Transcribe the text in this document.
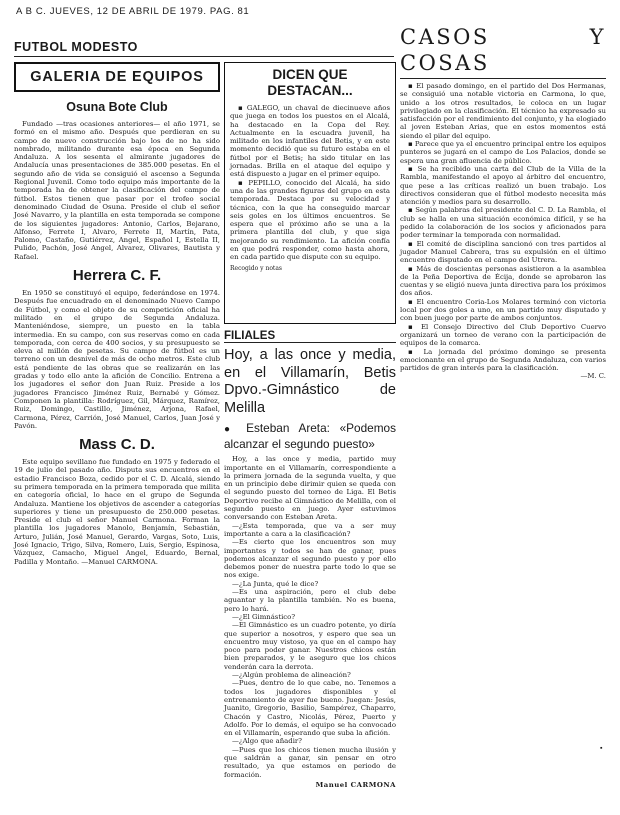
A B C. JUEVES, 12 DE ABRIL DE 1979. PAG. 81
FUTBOL MODESTO
GALERIA DE EQUIPOS
Osuna Bote Club

Fundado —tras ocasiones anteriores— el año 1971, se formó en el mismo año. Después que perdieran en su campo de nuevo construcción bajo los de no ha sido nombrado, militando durante esa época en Segunda Andaluza. A los sesenta el almirante jugadores de Andalucía unas presentaciones de 385.000 pesetas. En el segundo año de vida se consiguió el ascenso a Segunda Regional Juvenil. Como todo equipo más importante de la temporada ha de obtener la clasificación del campo de fútbol. Estos tienen que pasar por el trofeo social denominado Ciudad de Osuna. Preside el club el señor José Navarro, y la plantilla en esta temporada se compone de los siguientes jugadores: Antonio, Carlos, Bejarano, Alfonso, Ferrete I, Alvaro, Ferrete II, Martín, Pata, Palomo, Castaño, Gutiérrez, Angel, Español I, Estella II, Pulido, Pachón, José Angel, Alvarez, Olivares, Bautista y Rafael.

Herrera C. F.

En 1950 se constituyó el equipo, federándose en 1974. Después fue encuadrado en el denominado Nuevo Campo de Fútbol, y como el objeto de su competición oficial ha militado en el grupo de Segunda Andaluza. Manteniéndose, siempre, un puesto en la tabla intermedia. En su campo, con sus reservas como en cada temporada, con cerca de 400 socios, y su presupuesto se eleva al millón de pesetas. Su campo de fútbol es un terreno con un desnivel de más de ocho metros. Este club está pendiente de las obras que se realizarán en las gradas y todo ello ante la afición de Concilio. Entrena a los jugadores el señor don Juan Ruiz. Preside a los jugadores Francisco Jiménez Ruiz, Bernabé y Gómez. Componen la plantilla: Rodríguez, Gil, Márquez, Ramírez, Ruiz, Domingo, Castillo, Jiménez, Arjona, Rafael, Carmona, Pérez, Carrión, José Manuel, Carlos, Juan José y Pavón.

Mass C. D.

Este equipo sevillano fue fundado en 1975 y federado el 19 de julio del pasado año. Disputa sus encuentros en el estadio Francisco Boza, cedido por el C. D. Alcalá, siendo su primera temporada en la primera temporada que milita en categoría oficial, lo hace en el grupo de Segunda Andaluza. Mantiene los objetivos de ascender a categorías superiores y tiene un presupuesto de 250.000 pesetas. Preside el club el señor Manuel Carmona. Forman la plantilla los jugadores Manolo, Benjamín, Sebastián, Arturo, Julián, José Manuel, Gerardo, Vargas, Soto, Luis, José Ignacio, Trigo, Silva, Romero, Luis, Sergio, Espinosa, Vázquez, Camacho, Miguel Angel, Eduardo, Bernal, Padilla y Montaño. —Manuel CARMONA.

DICEN QUE DESTACAN...

▪ GALEGO, un chaval de diecinueve años que juega en todos los puestos en el Alcalá, ha destacado en la Copa del Rey. Actualmente en la escuadra juvenil, ha militado en los infantiles del Betis, y en este momento decidió que su futuro estaba en el fútbol por el Betis; ha sido titular en las jornadas. Brilla en el ataque del equipo y está dispuesto a jugar en el primer equipo.

▪ PEPILLO, conocido del Alcalá, ha sido una de las grandes figuras del grupo en esta temporada. Destaca por su velocidad y técnica, con la que ha conseguido marcar seis goles en los últimos encuentros. Se espera que el próximo año se una a la primera plantilla del club, y que siga mejorando su rendimiento. La afición confía en que podrá responder, como hasta ahora, en cada partido que dispute con su equipo.

Recogido y notas
FILIALES
Hoy, a las once y media, en el Villamarín, Betis Dpvo.-Gimnástico de Melilla
● Esteban Areta: «Podemos alcanzar el segundo puesto»

Hoy, a las once y media, partido muy importante en el Villamarín, correspondiente a la primera jornada de la segunda vuelta, y que en un principio debe dirimir quien se queda con el segundo puesto del torneo de Liga. El Betis Deportivo recibe al Gimnástico de Melilla, con el segundo puesto en juego. Ayer estuvimos conversando con Esteban Areta.

—¿Esta temporada, que va a ser muy importante a cara a la clasificación?

—Es cierto que los encuentros son muy importantes y todos se han de ganar, pues podemos alcanzar el segundo puesto y por ello debemos poner de nuestra parte todo lo que se nos exige.

—¿La Junta, qué le dice?

—Es una aspiración, pero el club debe aguantar y la plantilla también. No es buena, pero lo hará.

—¿El Gimnástico?

—El Gimnástico es un cuadro potente, yo diría que superior a nosotros, y espero que sea un encuentro muy vistoso, ya que en el campo hay poco para poder ganar. Nuestros chicos están bien preparados, y le aseguro que los chicos venderán cara la derrota.

—¿Algún problema de alineación?

—Pues, dentro de lo que cabe, no. Tenemos a todos los jugadores disponibles y el entrenamiento de ayer fue bueno. Juegan: Jesús, Juanito, Gregorio, Basilio, Sampérez, Chaparro, Chacón y Castro, Nicolás, Pérez, Puerto y Adolfo. Por lo demás, el equipo se ha convocado en el Villamarín, esperando que suba la afición.

—¿Algo que añadir?

—Pues que los chicos tienen mucha ilusión y que saldrán a ganar, sin pensar en otro resultado, ya que estamos en periodo de formación.

Manuel CARMONA
CASOS Y COSAS

▪ El pasado domingo, en el partido del Dos Hermanas, se consiguió una notable victoria en Carmona, lo que, unido a los otros resultados, le coloca en un lugar privilegiado en la clasificación. El técnico ha expresado su satisfacción por el rendimiento del conjunto, y ha elogiado al joven Esteban Arias, que en estos momentos está siendo el pilar del equipo.

▪ Parece que ya el encuentro principal entre los equipos punteros se jugará en el campo de Los Palacios, donde se espera una gran afluencia de público.

▪ Se ha recibido una carta del Club de la Villa de la Rambla, manifestando el apoyo al árbitro del encuentro, que pese a las críticas realizó un buen trabajo. Los directivos consideran que el fútbol modesto necesita más atención y medios para su desarrollo.

▪ Según palabras del presidente del C. D. La Rambla, el club se halla en una situación económica difícil, y se ha pedido la colaboración de los socios y aficionados para poder terminar la temporada con normalidad.

▪ El comité de disciplina sancionó con tres partidos al jugador Manuel Cabrera, tras su expulsión en el último encuentro disputado en el campo del Utrera.

▪ Más de doscientas personas asistieron a la asamblea de la Peña Deportiva de Écija, donde se aprobaron las cuentas y se eligió nueva junta directiva para los próximos dos años.

▪ El encuentro Coria-Los Molares terminó con victoria local por dos goles a uno, en un partido muy disputado y con buen juego por parte de ambos conjuntos.

▪ El Consejo Directivo del Club Deportivo Cuervo organizará un torneo de verano con la participación de equipos de la comarca.

▪ La jornada del próximo domingo se presenta emocionante en el grupo de Segunda Andaluza, con varios partidos de gran interés para la clasificación.

—M. C.
▪
